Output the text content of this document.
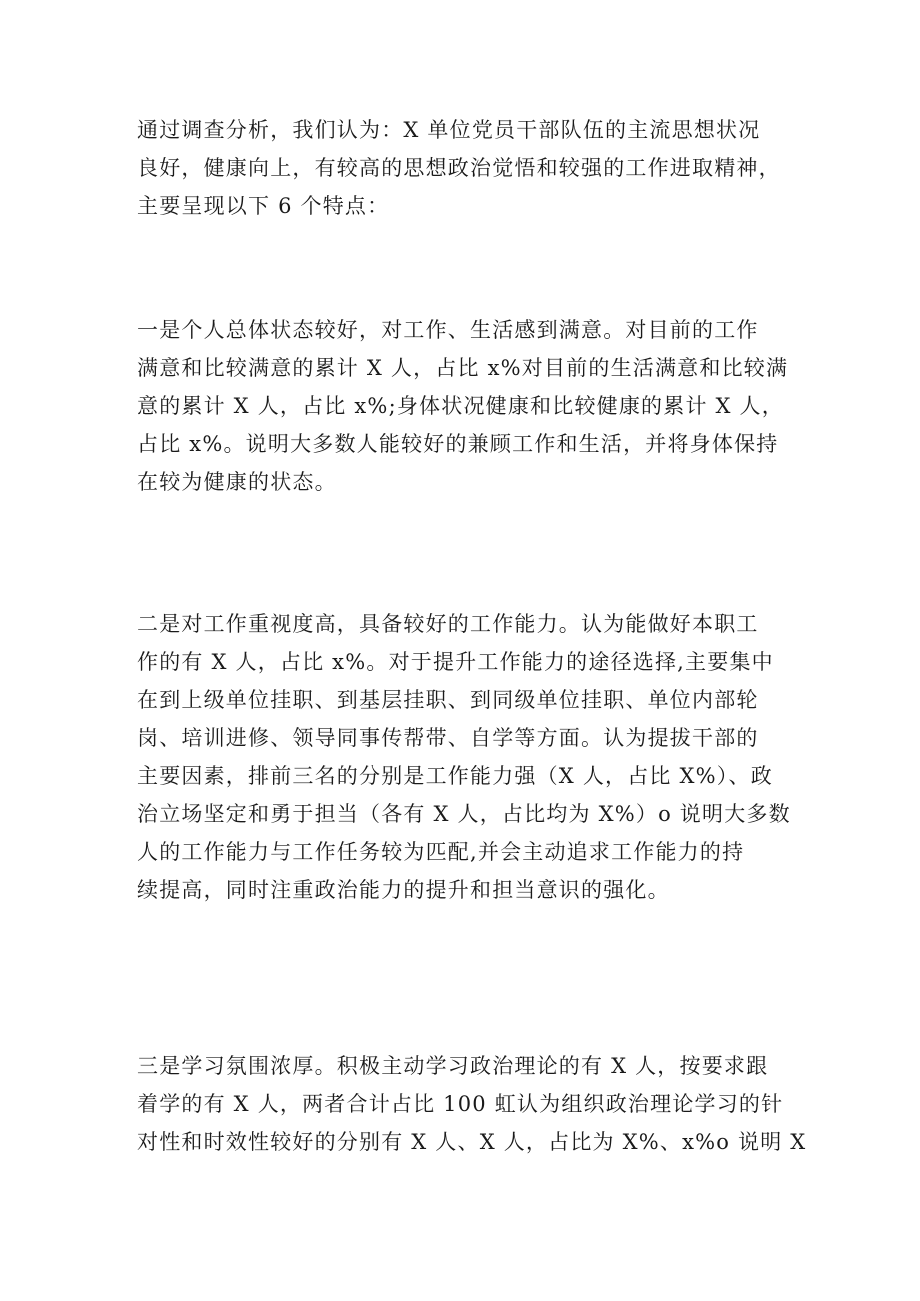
通过调查分析，我们认为：X 单位党员干部队伍的主流思想状况
良好，健康向上，有较高的思想政治觉悟和较强的工作进取精神，
主要呈现以下 6 个特点：
一是个人总体状态较好，对工作、生活感到满意。对目前的工作
满意和比较满意的累计 X 人，占比 x%对目前的生活满意和比较满
意的累计 X 人，占比 x%;身体状况健康和比较健康的累计 X 人，
占比 x%。说明大多数人能较好的兼顾工作和生活，并将身体保持
在较为健康的状态。
二是对工作重视度高，具备较好的工作能力。认为能做好本职工
作的有 X 人，占比 x%。对于提升工作能力的途径选择,主要集中
在到上级单位挂职、到基层挂职、到同级单位挂职、单位内部轮
岗、培训进修、领导同事传帮带、自学等方面。认为提拔干部的
主要因素，排前三名的分别是工作能力强（X 人，占比 X%）、政
治立场坚定和勇于担当（各有 X 人，占比均为 X%）o 说明大多数
人的工作能力与工作任务较为匹配,并会主动追求工作能力的持
续提高，同时注重政治能力的提升和担当意识的强化。
三是学习氛围浓厚。积极主动学习政治理论的有 X 人，按要求跟
着学的有 X 人，两者合计占比 100 虹认为组织政治理论学习的针
对性和时效性较好的分别有 X 人、X 人，占比为 X%、x%o 说明 X
